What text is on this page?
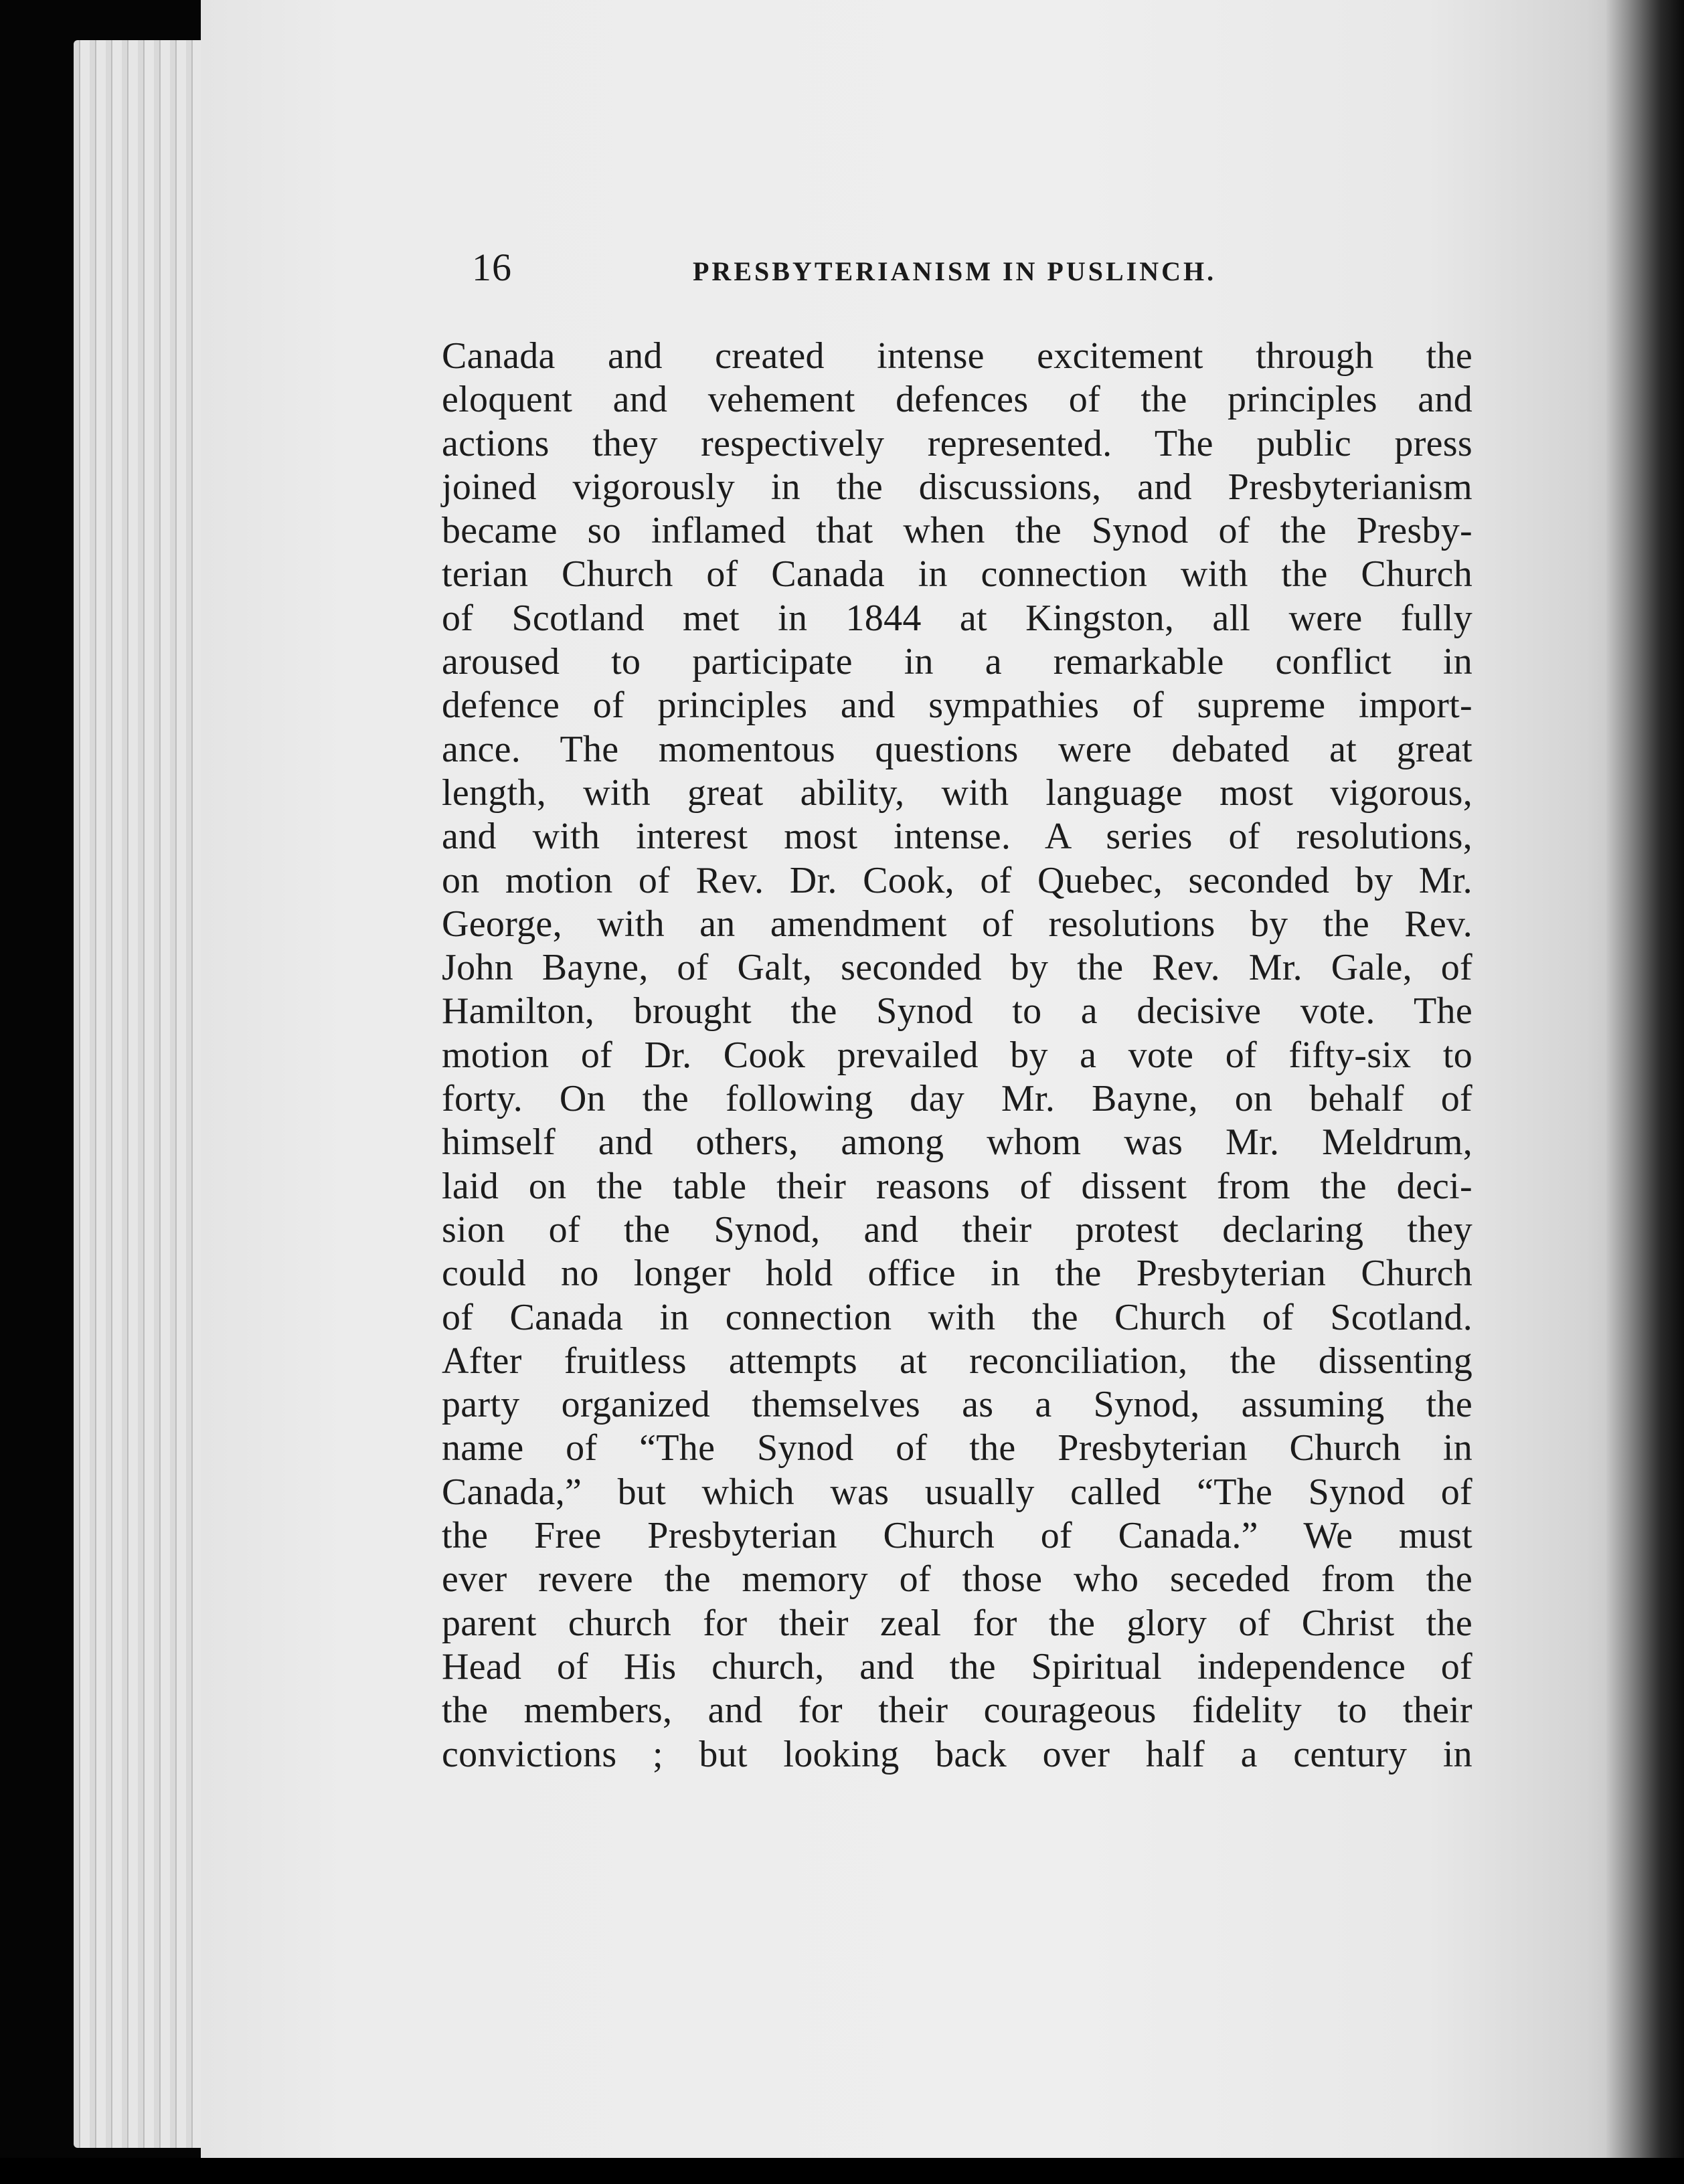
16	PRESBYTERIANISM IN PUSLINCH.
Canada and created intense excitement through the
eloquent and vehement defences of the principles and
actions they respectively represented. The public press
joined vigorously in the discussions, and Presbyterianism
became so inflamed that when the Synod of the Presby-
terian Church of Canada in connection with the Church
of Scotland met in 1844 at Kingston, all were fully
aroused to participate in a remarkable conflict in
defence of principles and sympathies of supreme import-
ance. The momentous questions were debated at great
length, with great ability, with language most vigorous,
and with interest most intense. A series of resolutions,
on motion of Rev. Dr. Cook, of Quebec, seconded by Mr.
George, with an amendment of resolutions by the Rev.
John Bayne, of Galt, seconded by the Rev. Mr. Gale, of
Hamilton, brought the Synod to a decisive vote. The
motion of Dr. Cook prevailed by a vote of fifty-six to
forty. On the following day Mr. Bayne, on behalf of
himself and others, among whom was Mr. Meldrum,
laid on the table their reasons of dissent from the deci-
sion of the Synod, and their protest declaring they
could no longer hold office in the Presbyterian Church
of Canada in connection with the Church of Scotland.
After fruitless attempts at reconciliation, the dissenting
party organized themselves as a Synod, assuming the
name of “The Synod of the Presbyterian Church in
Canada,” but which was usually called “The Synod of
the Free Presbyterian Church of Canada.” We must
ever revere the memory of those who seceded from the
parent church for their zeal for the glory of Christ the
Head of His church, and the Spiritual independence of
the members, and for their courageous fidelity to their
convictions ; but looking back over half a century in
